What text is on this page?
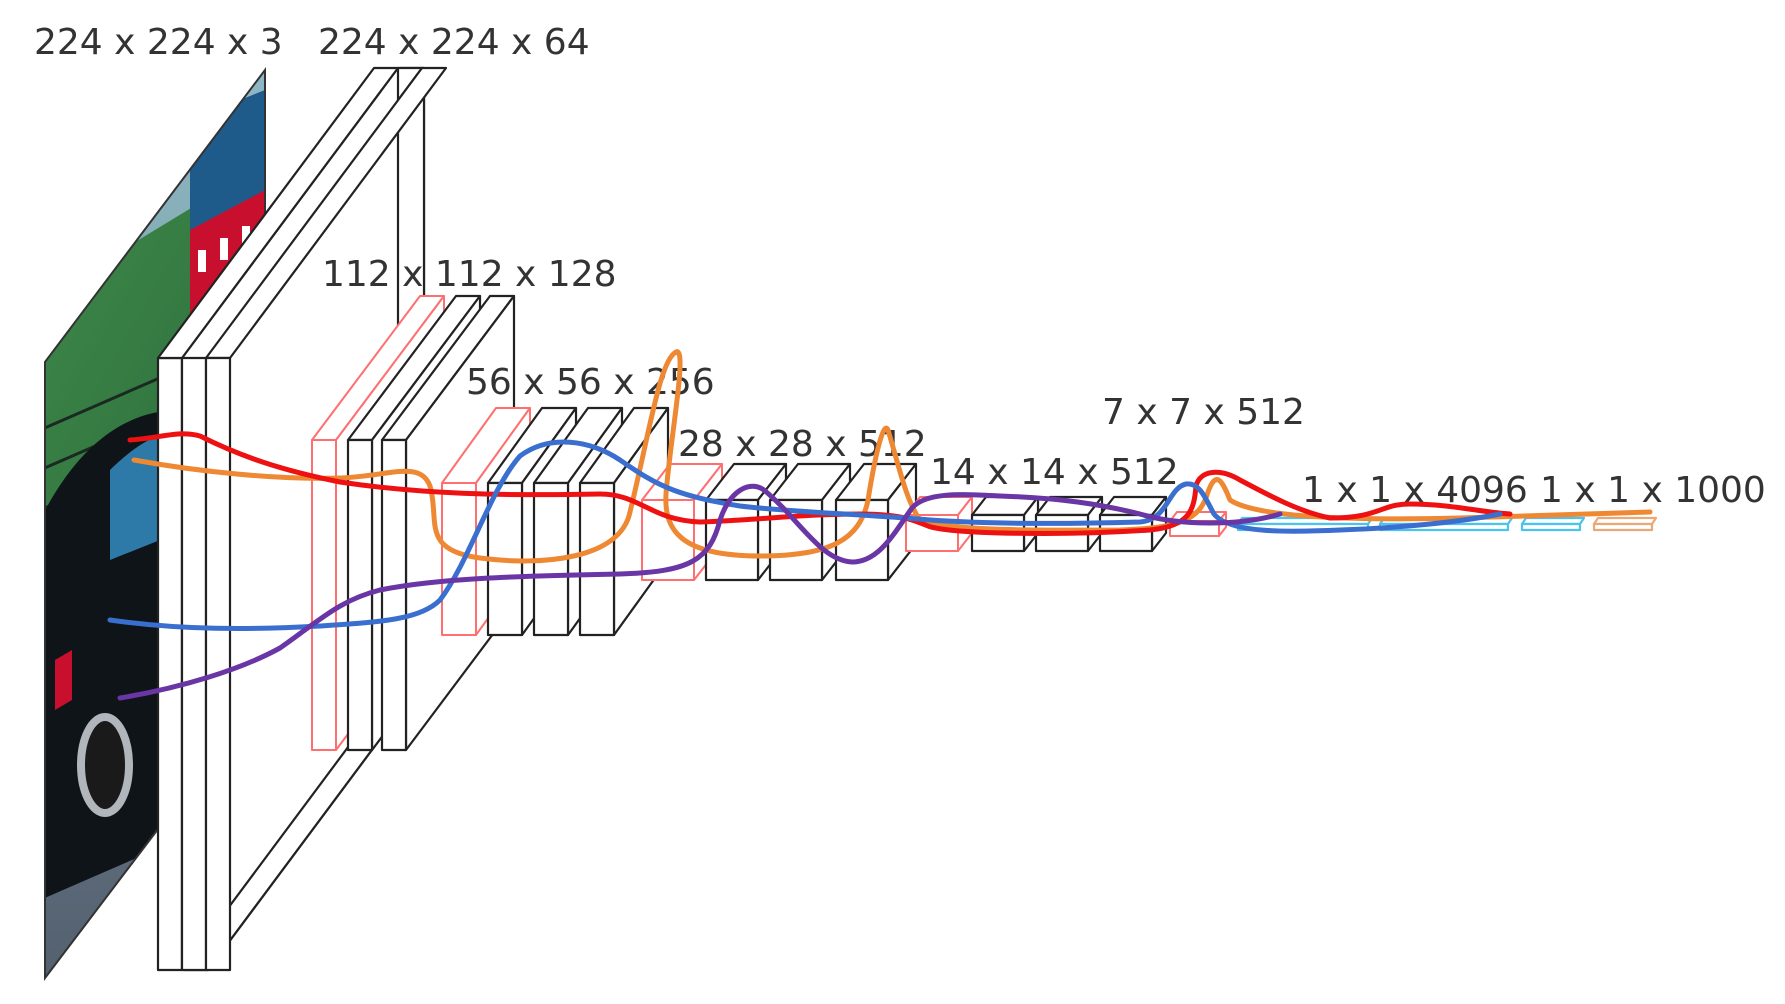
224 x 224 x 3 224 x 224 x 64
112 x 112 x 128
56 x 56 x 256
28 x 28 x 512
14 x 14 x 512
7 x 7 x 512
1 x 1 x 4096 1 x 1 x 1000
